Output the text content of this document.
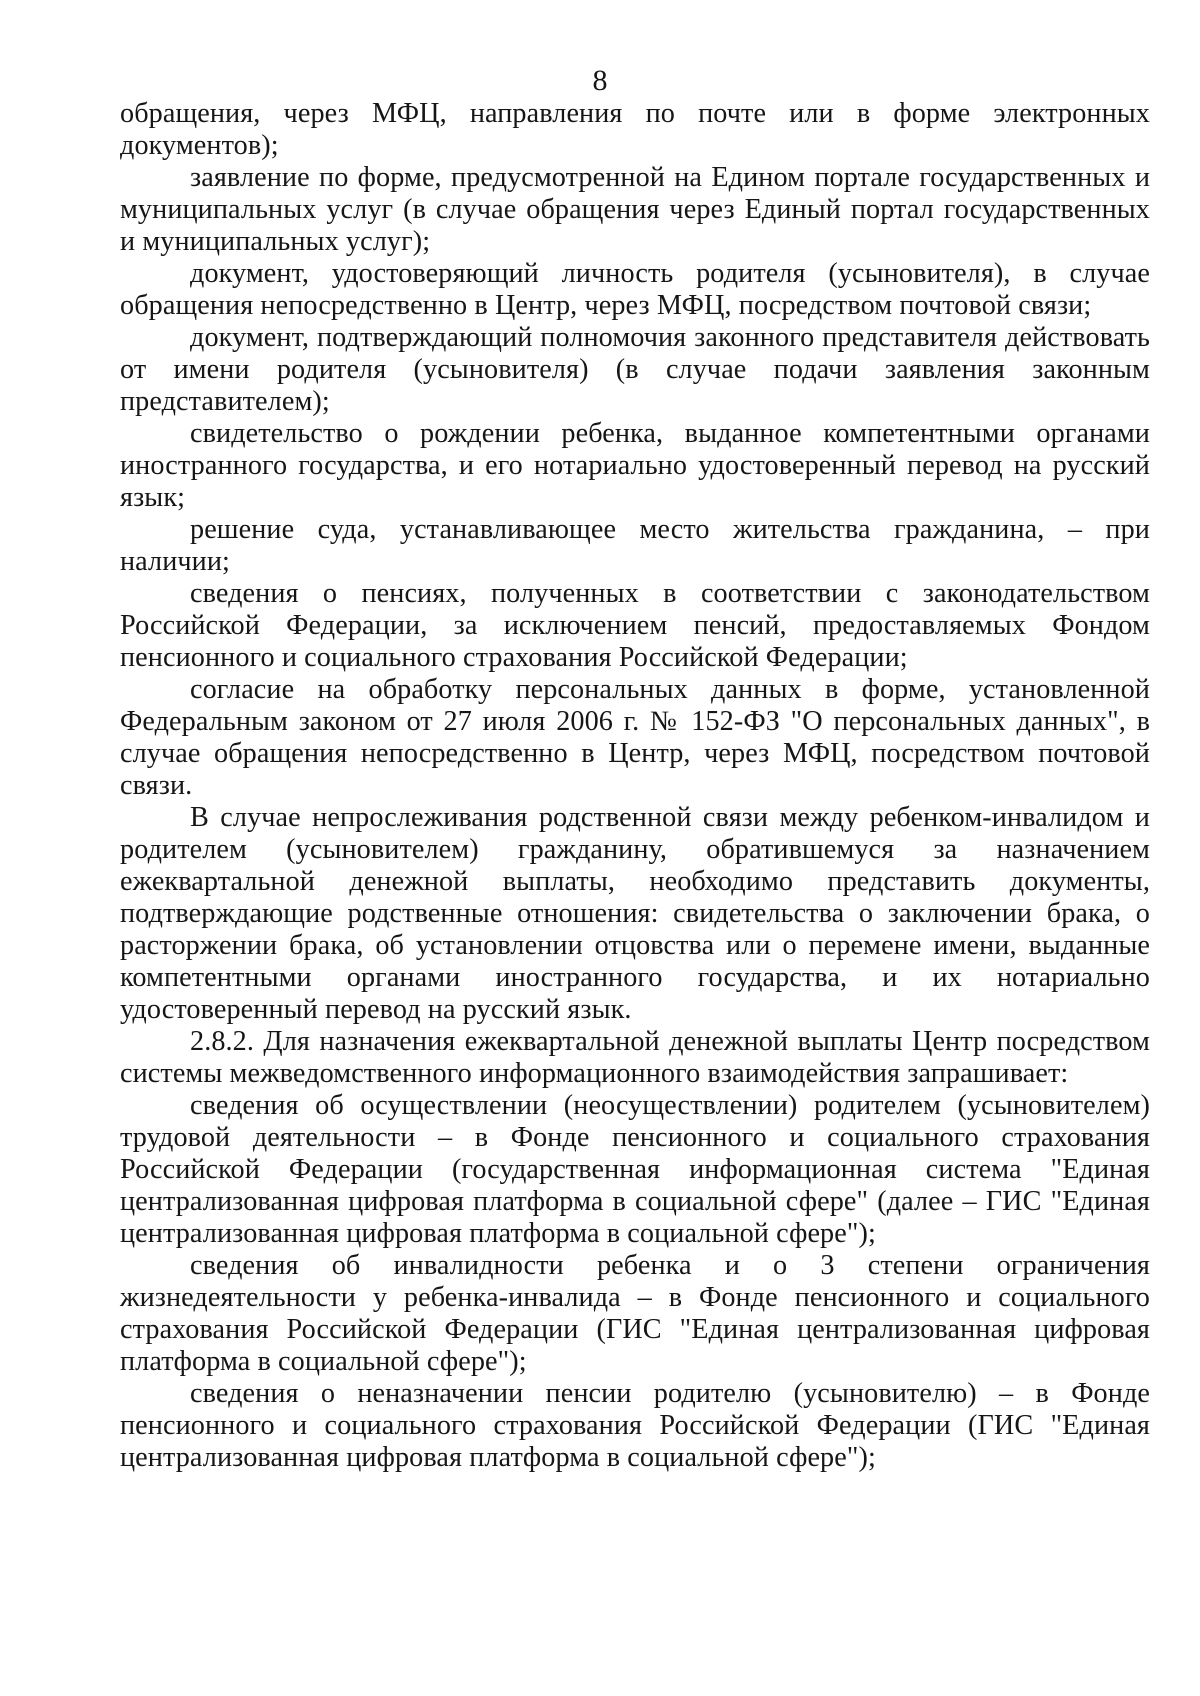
8

обращения, через МФЦ, направления по почте или в форме электронных документов);

заявление по форме, предусмотренной на Едином портале государственных и муниципальных услуг (в случае обращения через Единый портал государственных и муниципальных услуг);

документ, удостоверяющий личность родителя (усыновителя), в случае обращения непосредственно в Центр, через МФЦ, посредством почтовой связи;

документ, подтверждающий полномочия законного представителя действовать от имени родителя (усыновителя) (в случае подачи заявления законным представителем);

свидетельство о рождении ребенка, выданное компетентными органами иностранного государства, и его нотариально удостоверенный перевод на русский язык;

решение суда, устанавливающее место жительства гражданина, – при наличии;

сведения о пенсиях, полученных в соответствии с законодательством Российской Федерации, за исключением пенсий, предоставляемых Фондом пенсионного и социального страхования Российской Федерации;

согласие на обработку персональных данных в форме, установленной Федеральным законом от 27 июля 2006 г. № 152-ФЗ "О персональных данных", в случае обращения непосредственно в Центр, через МФЦ, посредством почтовой связи.

В случае непрослеживания родственной связи между ребенком-инвалидом и родителем (усыновителем) гражданину, обратившемуся за назначением ежеквартальной денежной выплаты, необходимо представить документы, подтверждающие родственные отношения: свидетельства о заключении брака, о расторжении брака, об установлении отцовства или о перемене имени, выданные компетентными органами иностранного государства, и их нотариально удостоверенный перевод на русский язык.

2.8.2. Для назначения ежеквартальной денежной выплаты Центр посредством системы межведомственного информационного взаимодействия запрашивает:

сведения об осуществлении (неосуществлении) родителем (усыновителем) трудовой деятельности – в Фонде пенсионного и социального страхования Российской Федерации (государственная информационная система "Единая централизованная цифровая платформа в социальной сфере" (далее – ГИС "Единая централизованная цифровая платформа в социальной сфере");

сведения об инвалидности ребенка и о 3 степени ограничения жизнедеятельности у ребенка-инвалида – в Фонде пенсионного и социального страхования Российской Федерации (ГИС "Единая централизованная цифровая платформа в социальной сфере");

сведения о неназначении пенсии родителю (усыновителю) – в Фонде пенсионного и социального страхования Российской Федерации (ГИС "Единая централизованная цифровая платформа в социальной сфере");
